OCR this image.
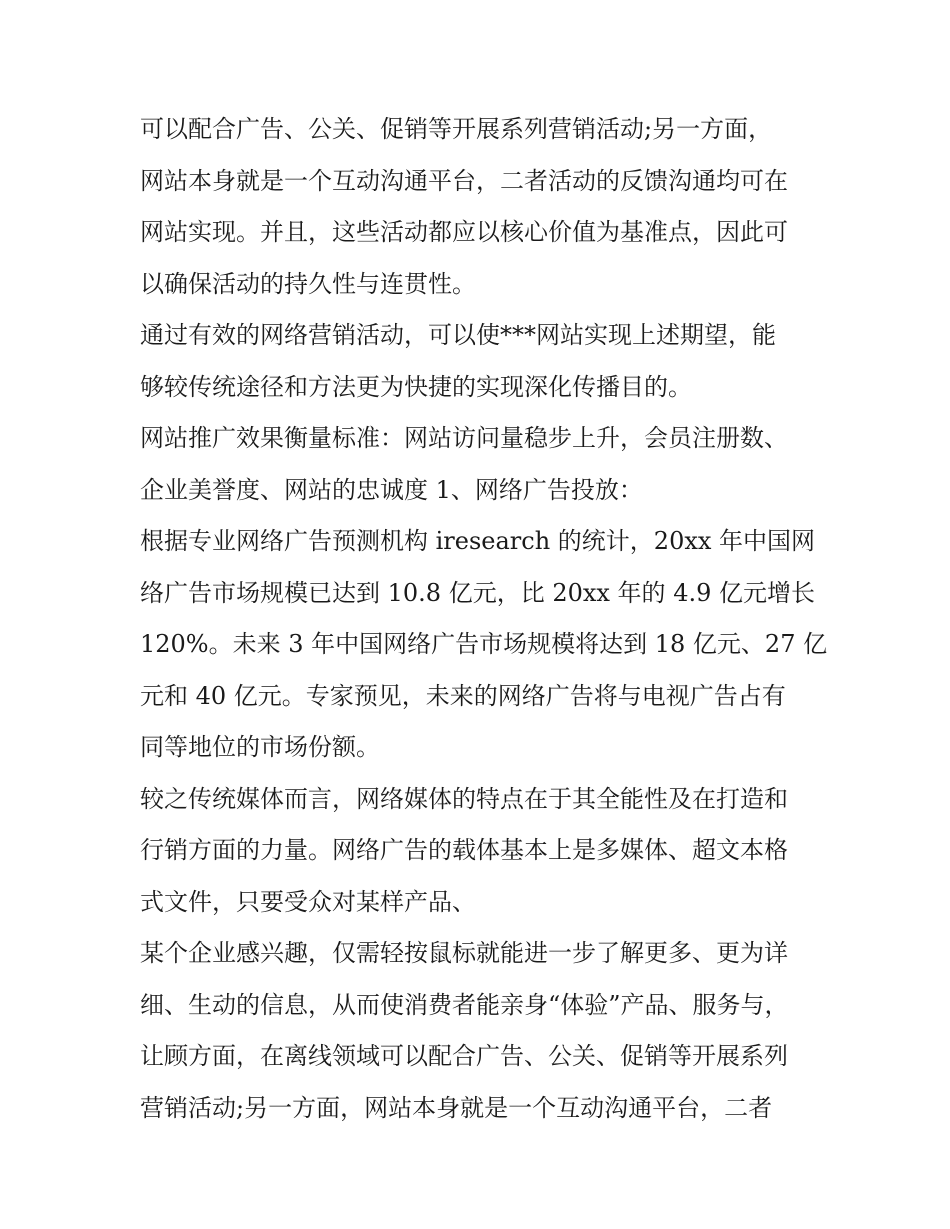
可以配合广告、公关、促销等开展系列营销活动;另一方面，
网站本身就是一个互动沟通平台，二者活动的反馈沟通均可在
网站实现。并且，这些活动都应以核心价值为基准点，因此可
以确保活动的持久性与连贯性。
通过有效的网络营销活动，可以使***网站实现上述期望，能
够较传统途径和方法更为快捷的实现深化传播目的。
网站推广效果衡量标准：网站访问量稳步上升，会员注册数、
企业美誉度、网站的忠诚度 1、网络广告投放：
根据专业网络广告预测机构 iresearch 的统计，20xx 年中国网
络广告市场规模已达到 10.8 亿元，比 20xx 年的 4.9 亿元增长
120%。未来 3 年中国网络广告市场规模将达到 18 亿元、27 亿
元和 40 亿元。专家预见，未来的网络广告将与电视广告占有
同等地位的市场份额。
较之传统媒体而言，网络媒体的特点在于其全能性及在打造和
行销方面的力量。网络广告的载体基本上是多媒体、超文本格
式文件，只要受众对某样产品、
某个企业感兴趣，仅需轻按鼠标就能进一步了解更多、更为详
细、生动的信息，从而使消费者能亲身“体验”产品、服务与，
让顾方面，在离线领域可以配合广告、公关、促销等开展系列
营销活动;另一方面，网站本身就是一个互动沟通平台，二者
